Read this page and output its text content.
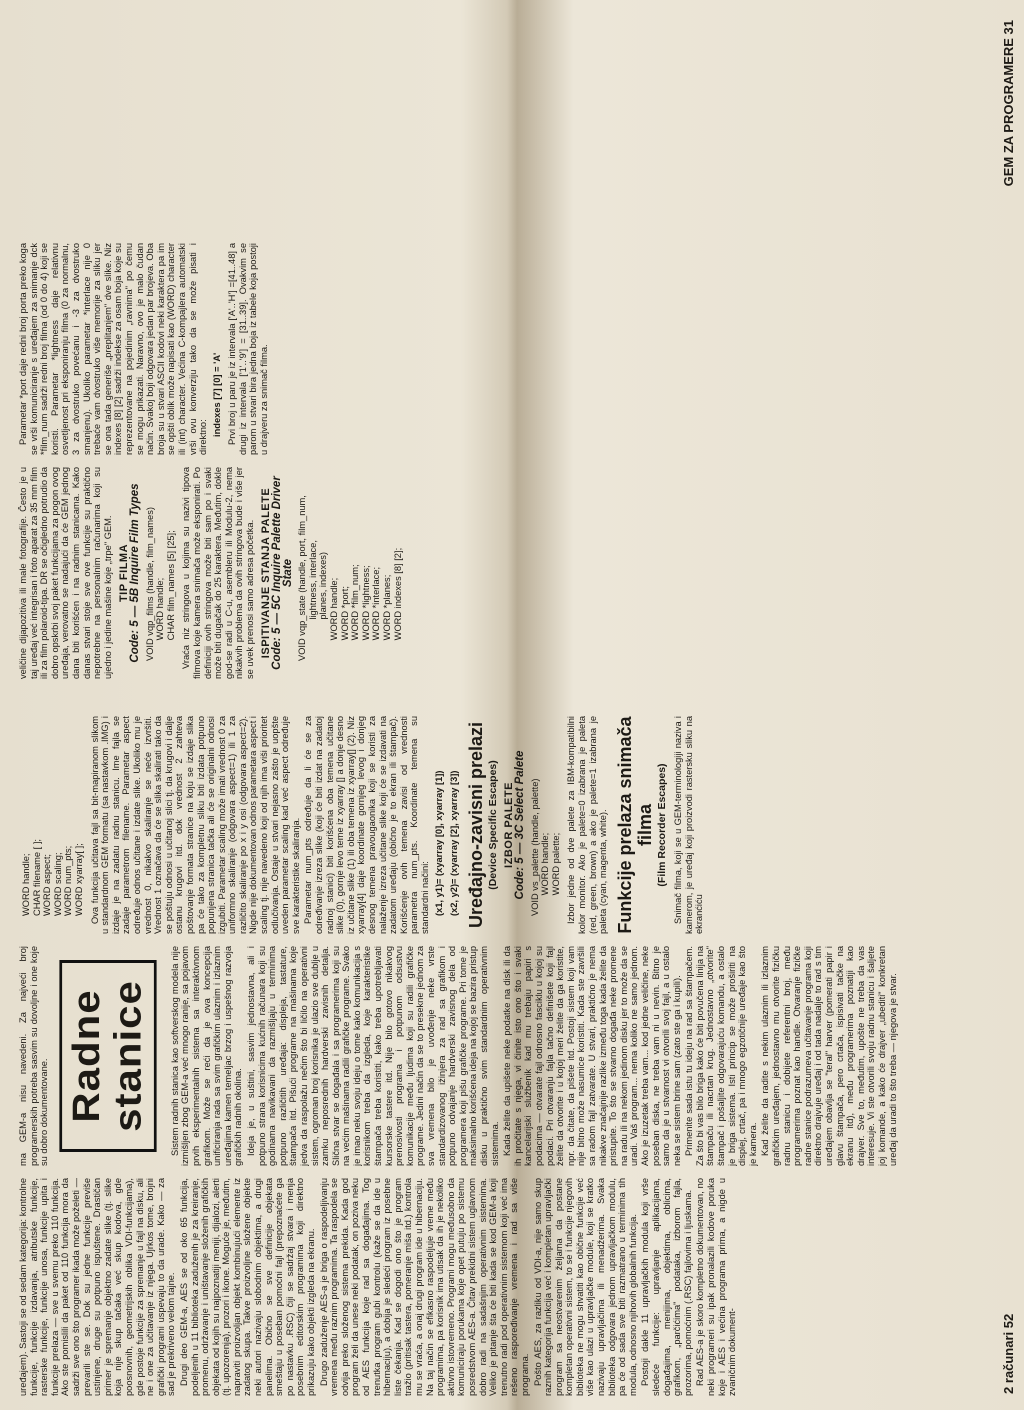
uređajem). Sastoji se od sedam kategorija: kontrolne funkcije, funkcije izdavanja, atributske funkcije, rasterske funkcije, funkcije unosa, funkcije upita i funkcije prelaza — sve u svemu preko 110 funkcija. Ako ste pomislili da paket od 110 funkcija mora da sadrži sve ono što programer ikada može poželeti — prevarili ste se. Dok su jedne funkcije previše ustinjene, druge su potpuno ispuštene. Drastičan primer je spremanje objektno zadate slike (tj. slike koja nije skup tačaka već skup kodova, gde poosnovnih, geometrijskih oblika VDI-funkcijama), gde postoje funkcije za spremanje u fajl na disku, ali ne i one za učitavanje iz njega. Ujrkos tome, brojni grafički programi uspevaju to da urade. Kako — za sad je prekriveno velom tajne. Drugi deo GEM-a, AES se od oko 65 funkcija, podeljenih u 11 biblioteka zaduženih je za kreiranje, promenu, održavanje i uništavanje složenih grafičkih objekata od kojih su najpoznatiji meniji, dijalozi, alerti (tj. upozorenja), prozori i ikone. Moguće je, međutim, napraviti proizvoljan objekt kombinujući elemente iz zadatog skupa. Takve proizvoljne složene objekte neki autori nazivaju slobodnim objektima, a drugi panelima. Obično se sve definicije objekata smeštaju u poseban pomoćni fajl (prepoznaćete ga po nastavku .RSC) čiji se sadržaj stvara i menja posebnim editorskim programima koji direktno prikazuju kako objekti izgleda na ekranu. Drugo zaduženje AES-a je briga o raspodeljivanju vremena među raznim programima. Ta raspodela se odvija preko složenog sistema prekida. Kada god program želi da unese neki podatak, on poziva neku od AES funkcija koje rad sa događajima. Tog trenutka program gubi kontrolu (kaže se da ide u hibernaciju), a dobija je sledeći program iz posebne liste čekanja. Kad se dogodi ono što je program tražio (pritisak tastera, pomeranje miša itd.) kontrola mu se vraća, a onaj drugi program ide u hibernaciju. Na taj način se efikasno raspodeljuje vreme među programima, pa korisnik ima utisak da ih je nekoliko aktivno istovremeno. Programi mogu međusobno da komuniciraju porukama koje opet putuju po sistemu posredstvom AES-a. Čitav prekidni sistem uglavnom dobro radi na sadašnjim operativnim sistemima. Veliko je pitanje šta će biti kada se kod GEM-a koji trenutno radi pod operativnim sistemom koji već ima rešeno raspoređivanje vremena i rad sa više programa. Pošto AES, za razliku od VDI-a, nije samo skup raznih kategorija funkcija već i kompletan upravljački program sa neostvarenim željama da postane kompletan operativni sistem, to se i funkcije njegovih biblioteka ne mogu shvatiti kao obične funkcije već više kao ulazi u upravljačke module, koji se kratko nazivaju upravljačima ili menadžerima. Svaka biblioteka odgovara jednom upravljačkom modulu, pa će od sada sve biti razmatrano u terminima tih modula, odnosno njihovih globalnih funkcija. Postoji dakle 11 upravljačkih modula koji vrše sledeće funkcije: upravljanje aplikacijama, događajima, menijima, objektima, oblicima, grafikom, „parčićima" podataka, izborom fajla, prozorima, pomoćnim (.RSC) fajlovima i ljuskama. Rad AES-a je skoro kompletno dokumentovan, no neki programeri su ipak pronalazili kodove poruka koje i AES i većina programa prima, a nigde u zvaničnim dokument-

ma GEM-a nisu navedeni. Za najveći broj programerskih potreba sasvim su dovoljne i one koje su dobro dokumentovane. Radne stanice	Sistem radnih stanica kao softverskog modela nije izmišljen zbog GEM-a već mnogo ranije, sa pojavom prvih eksperimentalnih sistema sa interaktivnom grafikom. Može se reći da je ova koncepcija unificiranja rada sa svim grafičkim ulaznim i izlaznim uređajima kamen temeljac brzog i uspešnog razvoja grafičkih radnih okolina. Ideja je, u suštini, sasvim jednostavna, ali i potpuno strana korisnicima kućnih računara koji su godinama navikavani da razmišljaju u terminima potpuno različitih uređaja: displeja, tastature, štampača itd. Pišući programe na mašinama koje jedva da raspolažu nečim što bi ličilo na operativni sistem, ogroman broj korisnika je ulazio sve dublje u zamku neposrednih hardverski zavisnih detalja. Slična stvar se događala i sa programerima koji su na većim mašinama radili grafičke programe. Svako je imao neku svoju ideju o tome kako komunikacija s korisnikom treba da izgleda, koje karakteristike štampača treba koristiti, kako treba upotrebljavati kursorske tastere itd. Nije bilo gotovo nikakvog prenosivosti programa i potpunom odsustvu komunikacije među ljudima koji su radili grafičke programe. Jedini način da se to presekne jednom za sva vremena bilo je uvođenje neke vrste standardizovanog ižinjera za rad sa grafikom i potpuno odvajanje hardverski zavisnog dela od programera koji pišu grafičke programe. Pri tome je maksimalno korišćena ideja na kojoj se bazira pristup disku u praktično svim standardnim operativnim sistemima. Kada želite da upišete neke podatke na disk ili da ih pročitate s njega, vi činite isto ono što i svaki kancelarijski službenik kad mu trebaju papiri s podacima — otvarate fajl odnosno fasciklu u kojoj su podaci. Pri otvaranju fajla tačno definišete koji fajl želite da otvorite i u kojoj meri želite da ga koristite, npr. da čitate, da pišete itd. Postoji sistem koji vam nije bitno može nasumice koristiti. Kada ste završili sa radom fajl zatvarate. U stvari, praktično je nema nikakve značajnije razlike između toga kada želite da pristupite. To što se stvarno događa neke promene na radu ili na nekom jedinom disku jer to može da se uradi. Vaš program... nema koliko ne samo jednom. Ako je izuzetak treba vam... kod jedne veličine, neke poseban diska, ne treba vam ni u nevin. Bitno je samo da je u stvarnost vi otvorili svoj fajl, a u ostalo neka se sistem brine sam (zato ste ga i kupili). Primenite sada istu tu ideju na rad sa štampačem. Za što bi vas bilo briga kako će biti povučena linija na štampaču ili nacrtan krug. Jednostavno „otvorite" štampač i pošaljite odgovarajuću komandu, a ostalo je briga sistema. Isti princip se može proširiti na displej, crtač, pa i mnogo egzotičnije uređaje kao što je kamera. Kad želite da radite s nekim ulaznim ili izlaznim grafičkim uređajem, jednostavno mu otvorite fizičku radnu stanicu i dobijete referentni broj, među programerima poznat kao handle. Otvaranje fizičke radne stanice podrazumeva učitavanje programa koji direktno drajvuje uređaj i od tada nadalje to rad s tim uređajem obavlja se "teral" harver (pomerati papir i glavu štampača, pero crtača, ispisivati tačke na ekranu itd), među programerima poznatiji kao drajver. Sve to, međutim, upošte ne treba da vas interesuje. Vi ste otvorili svoju radnu stanicu i šaljete joj komande, a kako će drajver „ubediti" konkretan uređaj da uradi to što treba — njegova je stvar.

WORD handle;
CHAR filename [ ];
WORD aspect;
WORD scaling;
WORD num_pts;
WORD xyarray[ ]; Ova funkcija učitava fajl sa bit-mapiranom slikom u standardnom GEM formatu (sa nastavkom .IMG) i izdaje je na zadatu radnu stanicu. Ime fajla se zadaje parametrom filename. Parametar aspect određuje odnos učitane i izdate slike. Ukoliko mu je vrednost 0, nikakvo skaliranje se neće izvršiti. Vrednost 1 označava da će se slika skalirati tako da se poštuju odnosi u učitanoj slici tj. da krugovi i dalje ostanu krugovi itd. dok vrednost 2 zahteva poštovanje formata stranice na koju se izdaje slika pa će tako za kompletnu sliku biti izdata potpuno popunjena stranica tačka ali će se originalni odnosi izgubiti. Parametar scaling može imati vrednost 0 za uniformno skaliranje (odgovara aspect=1) ili 1 za različito skaliranje po x i y osi (odgovara aspect=2). Nigde nije dokumentovan odnos parametara aspect i scaling tj. nije navedeno koji od njih ima viši prioritet odlučivanja. Ostaje u stvari nejasno zašto je uopšte uveden parametar scaling kad već aspect određuje sve karakteristike skaliranja. Parametar num_pts određuje da li će se za određivanje izreza slike (koji će biti izdat na zadatoj radnoj stanici) biti korišćena oba temena učitane slike (0), gornje levo teme iz xyarray [] a donje desno iz učitane slike (1) ili oba temena iz xyarray[] (2). Niz xyarray[4] daje koordinate gornjeg levog i donjeg desnog temena pravougaonika koji se koristi za nalaženje izreza učitane slike koji će se izdavati na zadatom uređaju (obično je to ekran ili štampač). Korišćenje ovih temena zavisi od vrednosti parametra num_pts. Koordinate temena su standardni načini: (x1, y1)= (xyarray [0], xyarray [1]) (x2, y2)= (xyarray [2], xyarray [3]) Uređajno-zavisni prelazi (Device Specific Escapes) IZBOR PALETE
Code: 5 — 3C Select Palete
VOID vs_palette (handle, palette)
WORD handle;
WORD palette; Izbor jedne od dve palete za IBM-kompatibilni kolor monitor. Ako je palete=0 izabrana je paleta (red, green, brown) a ako je palete=1 izabrana je paleta (cyan, magenta, white). Funkcije prelaza snimača filma (Film Recorder Escapes) Snimač filma, koji se u GEM-terminologiji naziva i kamerom, je uređaj koji proizvodi rastersku sliku na ekranćiću

2 računari 52

veličine dijapozitiva ili male fotografije. Često je u taj uređaj već integrisan i foto aparat za 35 mm film ili za film polaroid-tipa. DR se očigledno potrudio da dobro opskrbi svoj paket funkcijama za pogon ovog uređaja, verovatno se nadajući da će GEM jednog dana biti korišćen i na radnim stanicama. Kako danas stvari stoje sve ove funkcije su praktično nepotrebne na personalnim računarima koji su ujedno i jedine mašine koje „trpe" GEM. TIP FILMA
Code: 5 — 5B Inquire Film Types VOID vqp_films (handle, film_names)
WORD handle;
CHAR film_names [5] [25]; Vraća niz stringova u kojima su nazivi tipova filmova koje kamera snimača može eksponirati. Po definiciji ovih stringova može biti sam po i svaki može biti dugačak do 25 karaktera. Međutim, dokle god-se radi u C-u, asembleru ili Modulu-2, nema nikakvih problema da ovih stringova bude i više jer se uvek prenosi samo adresa početka. ISPITIVANJE STANJA PALETE
Code: 5 — 5C Inquire Palette Driver State
VOID vqp_state (handle, port, film_num,
lightness, interlace,
planes, indexes)
WORD handle;
WORD *port;
WORD *film_num;
WORD *lightness;
WORD *interlace;
WORD *planes;
WORD indexes [8] [2];

Parametar *port daje redni broj porta preko koga se vrši komuniciranje s uređajem za snimanje dck *film_num sadrži redni broj filma (od 0 do 4) koji se koristi. Parametar *lightness daje relativnu osvetljenost pri eksponiranju filma (0 za normalnu, 3 za dvostruko povećanu i -3 za dvostruko smanjenu). Ukoliko parametar *interlace nije 0 trebaće vam dvostruko više memorije za sliku jer se ona tada generiše „preplitanjem" dve slike. Niz indexes [8] [2] sadrži indekse za osam boja koje su reprezentovane na pojedinim „ravnima" po čemu se mogu prikazati. Naravno, ovo je malo čudan način. Svakoj boji odgovara jedan par brojeva. Oba broja su u stvari ASCII kodovi neki karaktera pa im se opšti oblik može napisati kao (WORD) character ili (int) character. Većina C-kompajlera automatski vrši ovu konverziju tako da se može pisati i direktno:

indexes [7] [0] = 'A' Prvi broj u paru je iz intervala ['A'..'H'] =[41..48] a drugi iz intervala ['1'..'9'] = [31..39]. Ovakvim se parom u stvari bira jedna boja iz tabele koja postoji u drajveru za snimač filma.

GEM ZA PROGRAMERE 31
